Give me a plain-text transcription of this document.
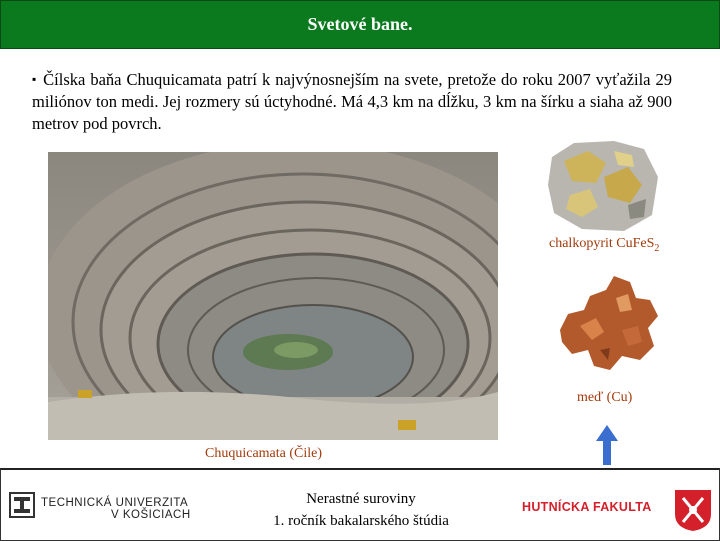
Svetové bane.
▪ Čílska baňa Chuquicamata patrí k najvýnosnejším na svete, pretože do roku 2007 vyťažila 29 miliónov ton medi. Jej rozmery sú úctyhodné. Má 4,3 km na dĺžku, 3 km na šírku a siaha až 900 metrov pod povrch.
Chuquicamata (Čile)
chalkopyrit CuFeS$_2$
meď (Cu)
TECHNICKÁ UNIVERZITA
V KOŠICIACH
Nerastné suroviny
1. ročník bakalarského štúdia
HUTNÍCKA FAKULTA
